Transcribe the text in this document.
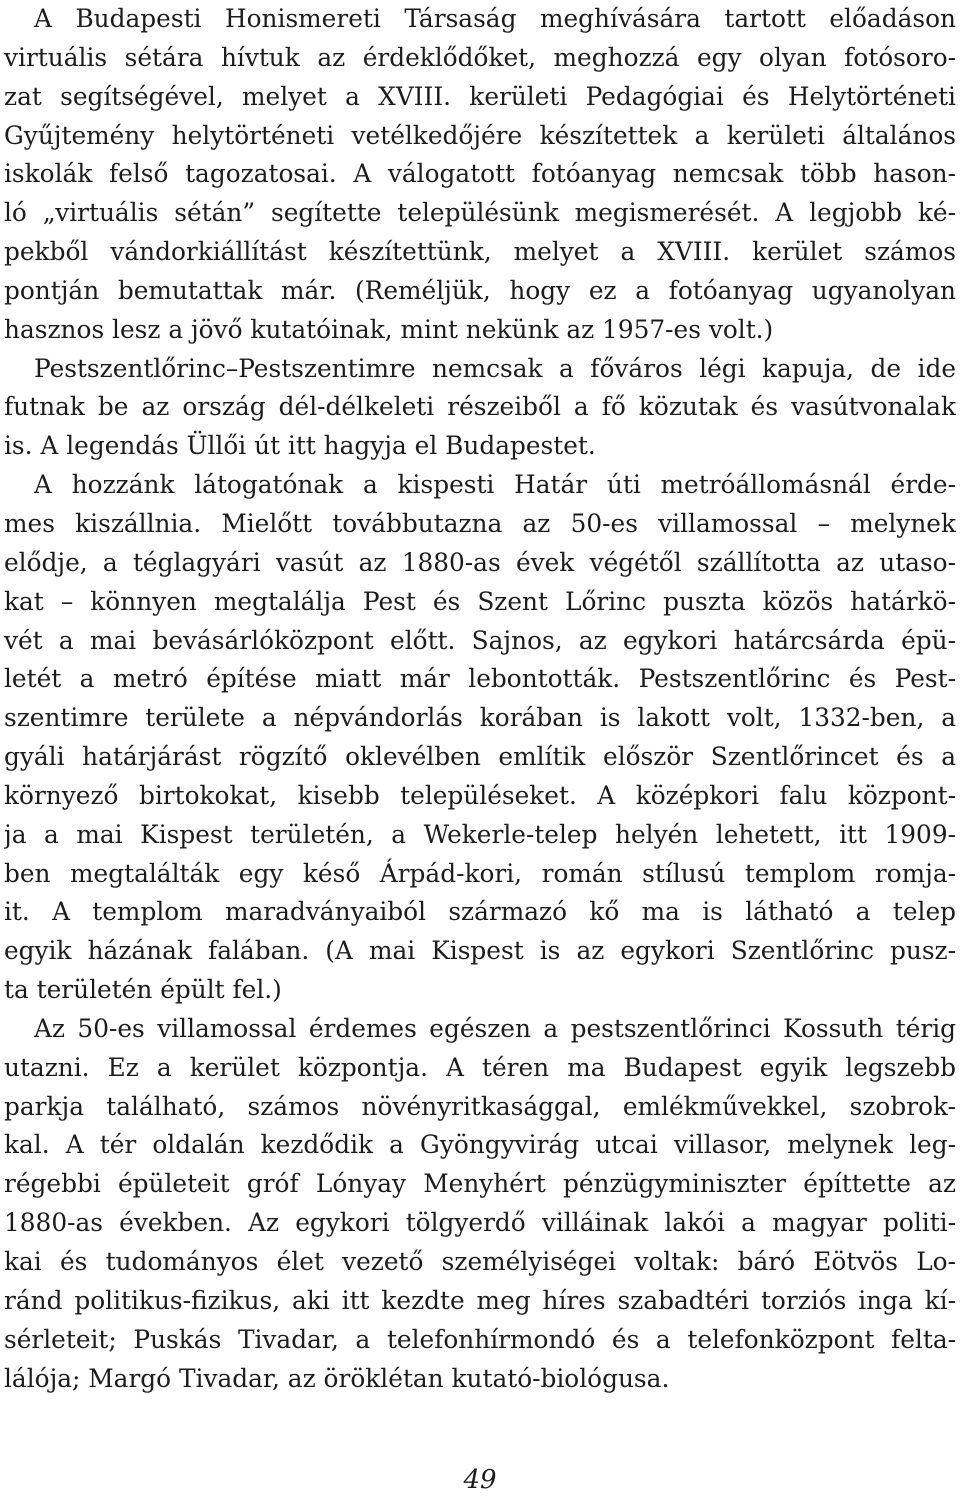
A Budapesti Honismereti Társaság meghívására tartott előadáson
virtuális sétára hívtuk az érdeklődőket, meghozzá egy olyan fotósoro-
zat segítségével, melyet a XVIII. kerületi Pedagógiai és Helytörténeti
Gyűjtemény helytörténeti vetélkedőjére készítettek a kerületi általános
iskolák felső tagozatosai. A válogatott fotóanyag nemcsak több hason-
ló „virtuális sétán” segítette településünk megismerését. A legjobb ké-
pekből vándorkiállítást készítettünk, melyet a XVIII. kerület számos
pontján bemutattak már. (Reméljük, hogy ez a fotóanyag ugyanolyan
hasznos lesz a jövő kutatóinak, mint nekünk az 1957-es volt.)
Pestszentlőrinc–Pestszentimre nemcsak a főváros légi kapuja, de ide
futnak be az ország dél-délkeleti részeiből a fő közutak és vasútvonalak
is. A legendás Üllői út itt hagyja el Budapestet.
A hozzánk látogatónak a kispesti Határ úti metróállomásnál érde-
mes kiszállnia. Mielőtt továbbutazna az 50-es villamossal – melynek
elődje, a téglagyári vasút az 1880-as évek végétől szállította az utaso-
kat – könnyen megtalálja Pest és Szent Lőrinc puszta közös határkö-
vét a mai bevásárlóközpont előtt. Sajnos, az egykori határcsárda épü-
letét a metró építése miatt már lebontották. Pestszentlőrinc és Pest-
szentimre területe a népvándorlás korában is lakott volt, 1332-ben, a
gyáli határjárást rögzítő oklevélben említik először Szentlőrincet és a
környező birtokokat, kisebb településeket. A középkori falu központ-
ja a mai Kispest területén, a Wekerle-telep helyén lehetett, itt 1909-
ben megtalálták egy késő Árpád-kori, román stílusú templom romja-
it. A templom maradványaiból származó kő ma is látható a telep
egyik házának falában. (A mai Kispest is az egykori Szentlőrinc pusz-
ta területén épült fel.)
Az 50-es villamossal érdemes egészen a pestszentlőrinci Kossuth térig
utazni. Ez a kerület központja. A téren ma Budapest egyik legszebb
parkja található, számos növényritkasággal, emlékművekkel, szobrok-
kal. A tér oldalán kezdődik a Gyöngyvirág utcai villasor, melynek leg-
régebbi épületeit gróf Lónyay Menyhért pénzügyminiszter építtette az
1880-as években. Az egykori tölgyerdő villáinak lakói a magyar politi-
kai és tudományos élet vezető személyiségei voltak: báró Eötvös Lo-
ránd politikus-fizikus, aki itt kezdte meg híres szabadtéri torziós inga kí-
sérleteit; Puskás Tivadar, a telefonhírmondó és a telefonközpont felta-
lálója; Margó Tivadar, az öröklétan kutató-biológusa.
49
